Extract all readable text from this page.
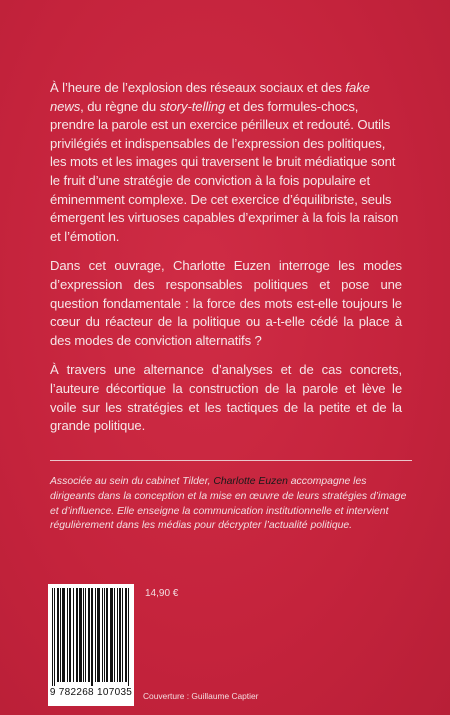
À l’heure de l’explosion des réseaux sociaux et des fake news, du règne du story-telling et des formules-chocs, prendre la parole est un exercice périlleux et redouté. Outils privilégiés et indispensables de l’expression des politiques, les mots et les images qui traversent le bruit médiatique sont le fruit d’une stratégie de conviction à la fois populaire et éminemment complexe. De cet exercice d’équilibriste, seuls émergent les virtuoses capables d’exprimer à la fois la raison et l’émotion.

Dans cet ouvrage, Charlotte Euzen interroge les modes d’expression des responsables politiques et pose une question fondamentale : la force des mots est-elle toujours le cœur du réacteur de la politique ou a-t-elle cédé la place à des modes de conviction alternatifs ?

À travers une alternance d’analyses et de cas concrets, l’auteure décortique la construction de la parole et lève le voile sur les stratégies et les tactiques de la petite et de la grande politique.

Associée au sein du cabinet Tilder, Charlotte Euzen accompagne les dirigeants dans la conception et la mise en œuvre de leurs stratégies d’image et d’influence. Elle enseigne la communication institutionnelle et intervient régulièrement dans les médias pour décrypter l’actualité politique.
9 782268 107035
14,90 €
Couverture : Guillaume Captier
